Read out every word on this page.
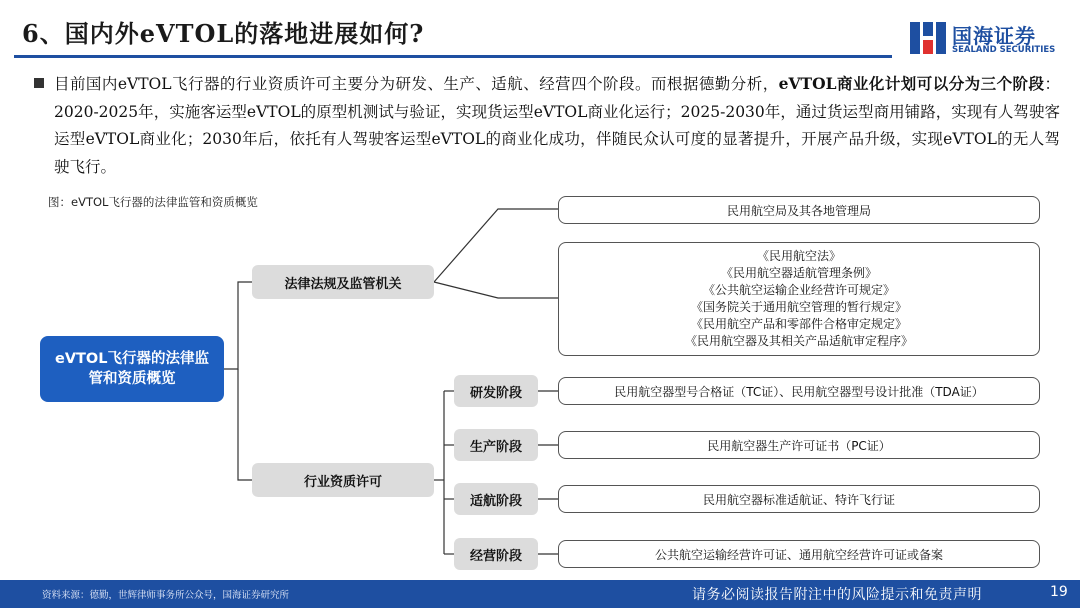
6、国内外eVTOL的落地进展如何?	国海证券
SEALAND SECURITIES
目前国内eVTOL飞行器的行业资质许可主要分为研发、生产、适航、经营四个阶段。而根据德勤分析，eVTOL商业化计划可以分为三个阶段：2020-2025年，实施客运型eVTOL的原型机测试与验证，实现货运型eVTOL商业化运行；2025-2030年，通过货运型商用铺路，实现有人驾驶客运型eVTOL商业化；2030年后，依托有人驾驶客运型eVTOL的商业化成功，伴随民众认可度的显著提升，开展产品升级，实现eVTOL的无人驾驶飞行。
图：eVTOL飞行器的法律监管和资质概览
eVTOL飞行器的法律监管和资质概览
法律法规及监管机关
行业资质许可
民用航空局及其各地管理局
《民用航空法》
《民用航空器适航管理条例》
《公共航空运输企业经营许可规定》
《国务院关于通用航空管理的暂行规定》
《民用航空产品和零部件合格审定规定》
《民用航空器及其相关产品适航审定程序》
研发阶段
生产阶段
适航阶段
经营阶段
民用航空器型号合格证（TC证）、民用航空器型号设计批准（TDA证）
民用航空器生产许可证书（PC证）
民用航空器标准适航证、特许飞行证
公共航空运输经营许可证、通用航空经营许可证或备案
资料来源：德勤，世辉律师事务所公众号，国海证券研究所	请务必阅读报告附注中的风险提示和免责声明	19
